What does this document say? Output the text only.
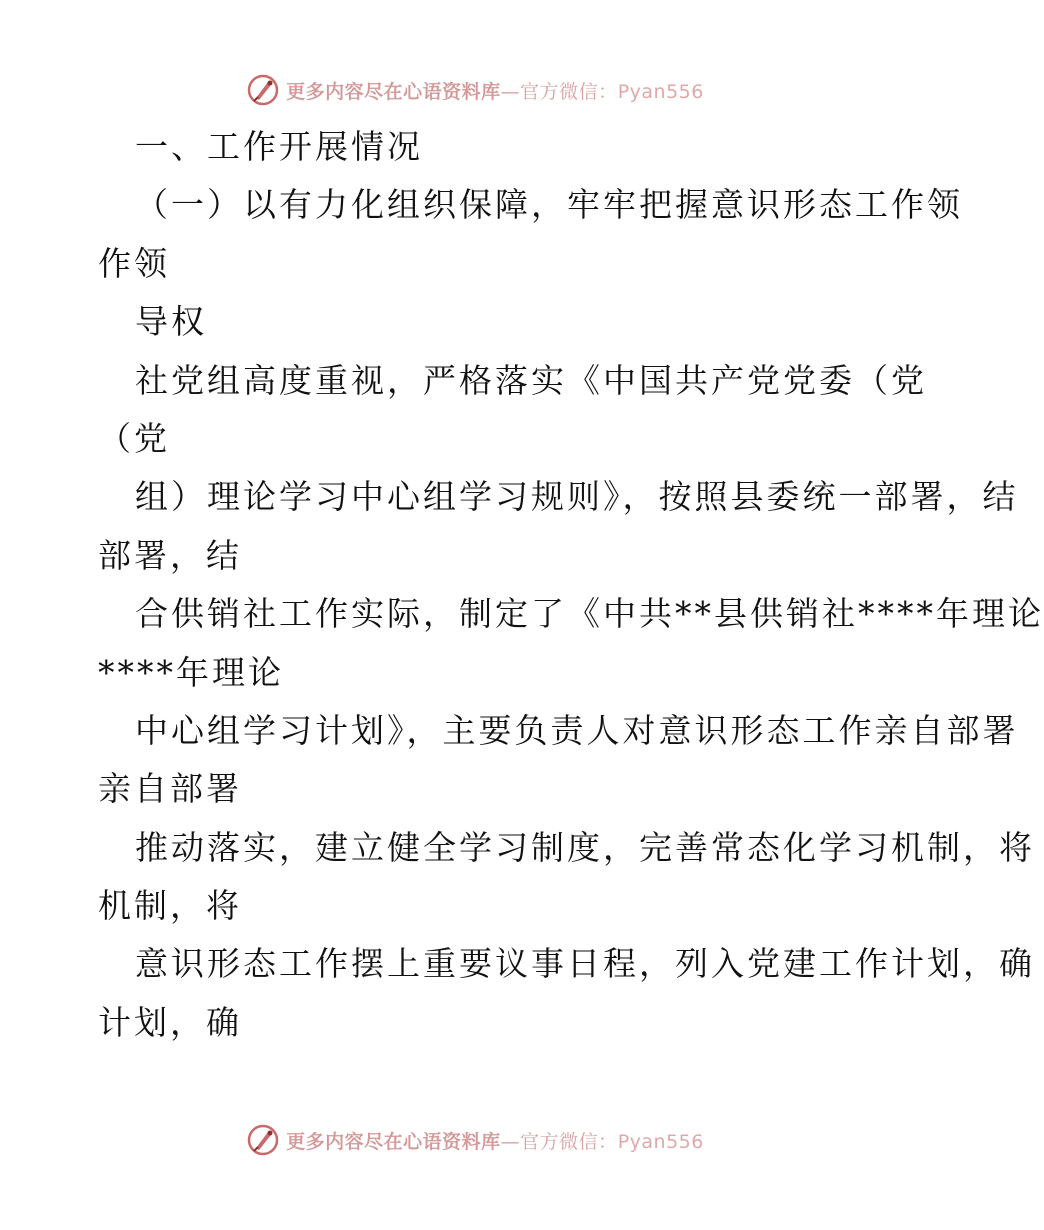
更多内容尽在心语资料库—官方微信：Pyan556
一、工作开展情况
（一）以有力化组织保障，牢牢把握意识形态工作领
作领
导权
社党组高度重视，严格落实《中国共产党党委（党
（党
组）理论学习中心组学习规则》，按照县委统一部署，结
部署，结
合供销社工作实际，制定了《中共**县供销社****年理论
****年理论
中心组学习计划》，主要负责人对意识形态工作亲自部署
亲自部署
推动落实，建立健全学习制度，完善常态化学习机制，将
机制，将
意识形态工作摆上重要议事日程，列入党建工作计划，确
计划，确
更多内容尽在心语资料库—官方微信：Pyan556
